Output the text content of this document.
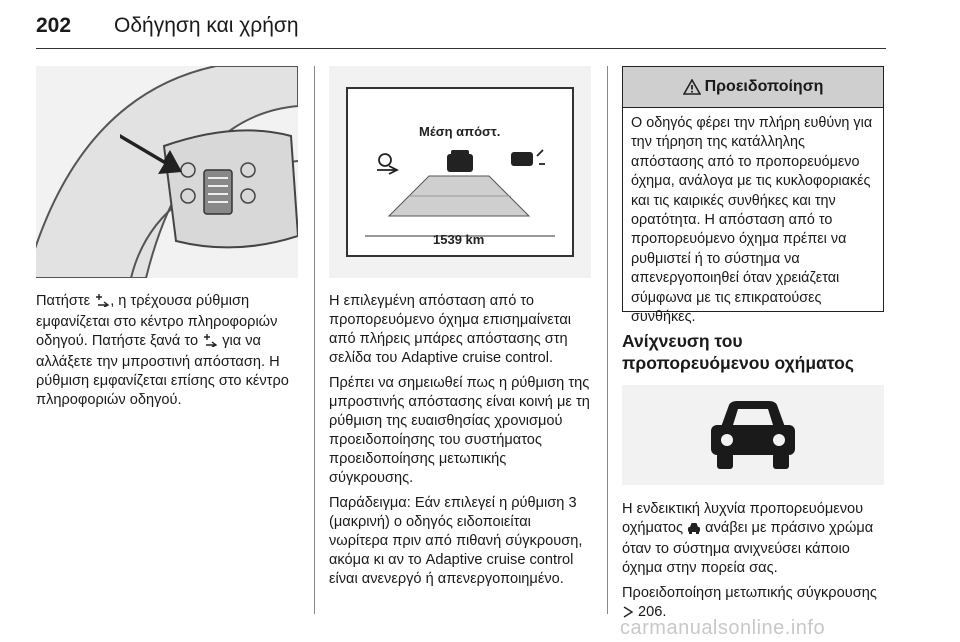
202 Οδήγηση και χρήση

Πατήστε , η τρέχουσα ρύθμιση εμφανίζεται στο κέντρο πληροφοριών οδηγού. Πατήστε ξανά το  για να αλλάξετε την μπροστινή απόσταση. Η ρύθμιση εμφανίζεται επίσης στο κέντρο πληροφοριών οδηγού.

Μέση απόστ.
1539 km

Η επιλεγμένη απόσταση από το προπορευόμενο όχημα επισημαίνεται από πλήρεις μπάρες απόστασης στη σελίδα του Adaptive cruise control.

Πρέπει να σημειωθεί πως η ρύθμιση της μπροστινής απόστασης είναι κοινή με τη ρύθμιση της ευαισθησίας χρονισμού προειδοποίησης του συστήματος προειδοποίησης μετωπικής σύγκρουσης.

Παράδειγμα: Εάν επιλεγεί η ρύθμιση 3 (μακρινή) ο οδηγός ειδοποιείται νωρίτερα πριν από πιθανή σύγκρουση, ακόμα κι αν το Adaptive cruise control είναι ανενεργό ή απενεργοποιημένο.

Προειδοποίηση
Ο οδηγός φέρει την πλήρη ευθύνη για την τήρηση της κατάλληλης απόστασης από το προπορευόμενο όχημα, ανάλογα με τις κυκλοφοριακές και τις καιρικές συνθήκες και την ορατότητα. Η απόσταση από το προπορευόμενο όχημα πρέπει να ρυθμιστεί ή το σύστημα να απενεργοποιηθεί όταν χρειάζεται σύμφωνα με τις επικρατούσες συνθήκες.
Ανίχνευση του προπορευόμενου οχήματος

Η ενδεικτική λυχνία προπορευόμενου οχήματος  ανάβει με πράσινο χρώμα όταν το σύστημα ανιχνεύσει κάποιο όχημα στην πορεία σας.

Προειδοποίηση μετωπικής σύγκρουσης  206.

carmanualsonline.info
